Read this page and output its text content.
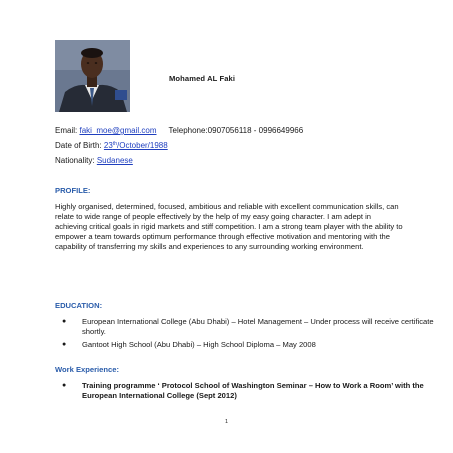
Mohamed AL Faki
Email: faki_moe@gmail.com Telephone:0907056118 - 0996649966
Date of Birth: 23th/October/1988
Nationality: Sudanese
PROFILE:

Highly organised, determined, focused, ambitious and reliable with excellent communication skills, can relate to wide range of people effectively by the help of my easy going character. I am adept in achieving critical goals in rigid markets and stiff competition. I am a strong team player with the ability to empower a team towards optimum performance through effective motivation and mentoring with the capability of transferring my skills and experiences to any surrounding working environment.

EDUCATION:
● European International College (Abu Dhabi) – Hotel Management – Under process will receive certificate shortly.
● Gantoot High School (Abu Dhabi) – High School Diploma – May 2008
Work Experience:
● Training programme ‘ Protocol School of Washington Seminar – How to Work a Room’ with the European International College (Sept 2012)
1
